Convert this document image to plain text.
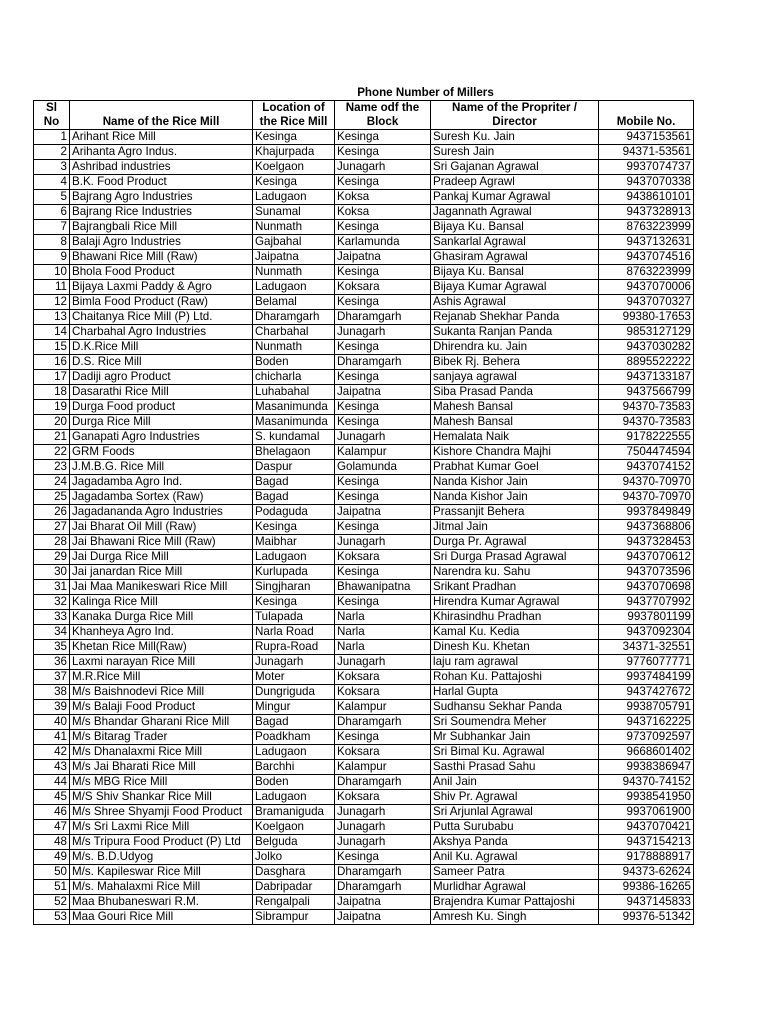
		Phone Number of Millers			
Sl		Location of	Name odf the	Name of the Propriter /	
No	Name of the Rice Mill	the Rice Mill	Block	Director	Mobile No.
1	Arihant Rice Mill	Kesinga	Kesinga	Suresh Ku. Jain	9437153561
2	Arihanta Agro Indus.	Khajurpada	Kesinga	Suresh Jain	94371-53561
3	Ashribad industries	Koelgaon	Junagarh	Sri Gajanan Agrawal	9937074737
4	B.K. Food Product	Kesinga	Kesinga	Pradeep Agrawl	9437070338
5	Bajrang Agro Industries	Ladugaon	Koksa	Pankaj Kumar Agrawal	9438610101
6	Bajrang Rice Industries	Sunamal	Koksa	Jagannath Agrawal	9437328913
7	Bajrangbali Rice Mill	Nunmath	Kesinga	Bijaya Ku. Bansal	8763223999
8	Balaji Agro Industries	Gajbahal	Karlamunda	Sankarlal Agrawal	9437132631
9	Bhawani Rice Mill (Raw)	Jaipatna	Jaipatna	Ghasiram Agrawal	9437074516
10	Bhola Food Product	Nunmath	Kesinga	Bijaya Ku. Bansal	8763223999
11	Bijaya Laxmi Paddy & Agro	Ladugaon	Koksara	Bijaya Kumar Agrawal	9437070006
12	Bimla Food Product (Raw)	Belamal	Kesinga	Ashis Agrawal	9437070327
13	Chaitanya Rice Mill (P) Ltd.	Dharamgarh	Dharamgarh	Rejanab Shekhar Panda	99380-17653
14	Charbahal Agro Industries	Charbahal	Junagarh	Sukanta Ranjan Panda	9853127129
15	D.K.Rice Mill	Nunmath	Kesinga	Dhirendra ku. Jain	9437030282
16	D.S. Rice Mill	Boden	Dharamgarh	Bibek Rj. Behera	8895522222
17	Dadiji agro Product	chicharla	Kesinga	sanjaya agrawal	9437133187
18	Dasarathi Rice Mill	Luhabahal	Jaipatna	Siba Prasad Panda	9437566799
19	Durga Food product	Masanimunda	Kesinga	Mahesh Bansal	94370-73583
20	Durga Rice Mill	Masanimunda	Kesinga	Mahesh Bansal	94370-73583
21	Ganapati Agro Industries	S. kundamal	Junagarh	Hemalata Naik	9178222555
22	GRM Foods	Bhelagaon	Kalampur	Kishore Chandra Majhi	7504474594
23	J.M.B.G. Rice Mill	Daspur	Golamunda	Prabhat Kumar Goel	9437074152
24	Jagadamba Agro Ind.	Bagad	Kesinga	Nanda Kishor Jain	94370-70970
25	Jagadamba Sortex (Raw)	Bagad	Kesinga	Nanda Kishor Jain	94370-70970
26	Jagadananda Agro Industries	Podaguda	Jaipatna	Prassanjit Behera	9937849849
27	Jai Bharat Oil Mill (Raw)	Kesinga	Kesinga	Jitmal Jain	9437368806
28	Jai Bhawani Rice Mill (Raw)	Maibhar	Junagarh	Durga Pr. Agrawal	9437328453
29	Jai Durga Rice Mill	Ladugaon	Koksara	Sri Durga Prasad Agrawal	9437070612
30	Jai janardan Rice Mill	Kurlupada	Kesinga	Narendra ku. Sahu	9437073596
31	Jai Maa Manikeswari Rice Mill	Singjharan	Bhawanipatna	Srikant Pradhan	9437070698
32	Kalinga Rice Mill	Kesinga	Kesinga	Hirendra Kumar Agrawal	9437707992
33	Kanaka Durga Rice Mill	Tulapada	Narla	Khirasindhu Pradhan	9937801199
34	Khanheya Agro Ind.	Narla Road	Narla	Kamal Ku. Kedia	9437092304
35	Khetan Rice Mill(Raw)	Rupra-Road	Narla	Dinesh Ku. Khetan	34371-32551
36	Laxmi narayan Rice Mill	Junagarh	Junagarh	laju ram agrawal	9776077771
37	M.R.Rice Mill	Moter	Koksara	Rohan Ku. Pattajoshi	9937484199
38	M/s Baishnodevi Rice Mill	Dungriguda	Koksara	Harlal Gupta	9437427672
39	M/s Balaji Food Product	Mingur	Kalampur	Sudhansu Sekhar Panda	9938705791
40	M/s Bhandar Gharani Rice Mill	Bagad	Dharamgarh	Sri Soumendra Meher	9437162225
41	M/s Bitarag Trader	Poadkham	Kesinga	Mr Subhankar Jain	9737092597
42	M/s Dhanalaxmi Rice Mill	Ladugaon	Koksara	Sri Bimal Ku. Agrawal	9668601402
43	M/s Jai Bharati Rice Mill	Barchhi	Kalampur	Sasthi Prasad Sahu	9938386947
44	M/s MBG Rice Mill	Boden	Dharamgarh	Anil Jain	94370-74152
45	M/S Shiv Shankar Rice Mill	Ladugaon	Koksara	Shiv Pr. Agrawal	9938541950
46	M/s Shree Shyamji Food Product	Bramaniguda	Junagarh	Sri Arjunlal Agrawal	9937061900
47	M/s Sri Laxmi Rice Mill	Koelgaon	Junagarh	Putta Surubabu	9437070421
48	M/s Tripura Food Product (P) Ltd	Belguda	Junagarh	Akshya Panda	9437154213
49	M/s. B.D.Udyog	Jolko	Kesinga	Anil Ku. Agrawal	9178888917
50	M/s. Kapileswar Rice Mill	Dasghara	Dharamgarh	Sameer Patra	94373-62624
51	M/s. Mahalaxmi Rice Mill	Dabripadar	Dharamgarh	Murlidhar Agrawal	99386-16265
52	Maa Bhubaneswari R.M.	Rengalpali	Jaipatna	Brajendra Kumar Pattajoshi	9437145833
53	Maa Gouri Rice Mill	Sibrampur	Jaipatna	Amresh Ku. Singh	99376-51342
